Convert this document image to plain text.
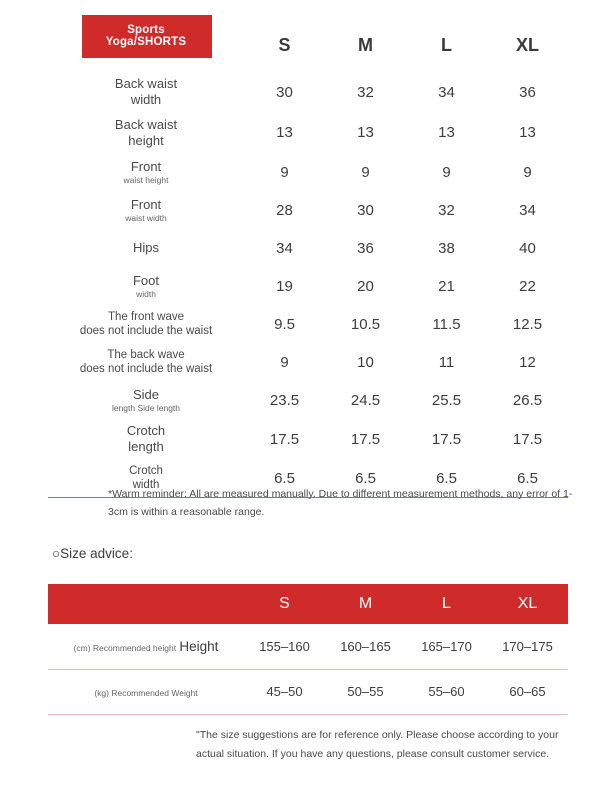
	S	M	L	XL

Back waist
width	30	32	34	36

Back waist
height	13	13	13	13

Front
waist height	9	9	9	9

Front
waist width	28	30	32	34

Hips	34	36	38	40

Foot
width	19	20	21	22

The front wave
does not include the waist	9.5	10.5	11.5	12.5

The back wave
does not include the waist	9	10	11	12

Side
length Side length	23.5	24.5	25.5	26.5

Crotch
length	17.5	17.5	17.5	17.5

Crotch
width	6.5	6.5	6.5	6.5
Sports Yoga/SHORTS
*Warm reminder: All are measured manually. Due to different measurement methods, any error of 1-3cm is within a reasonable range.
○Size advice:
	S	M	L	XL
(cm) Recommended height Height	155–160	160–165	165–170	170–175
(kg) Recommended Weight	45–50	50–55	55–60	60–65
"The size suggestions are for reference only. Please choose according to your actual situation. If you have any questions, please consult customer service.
